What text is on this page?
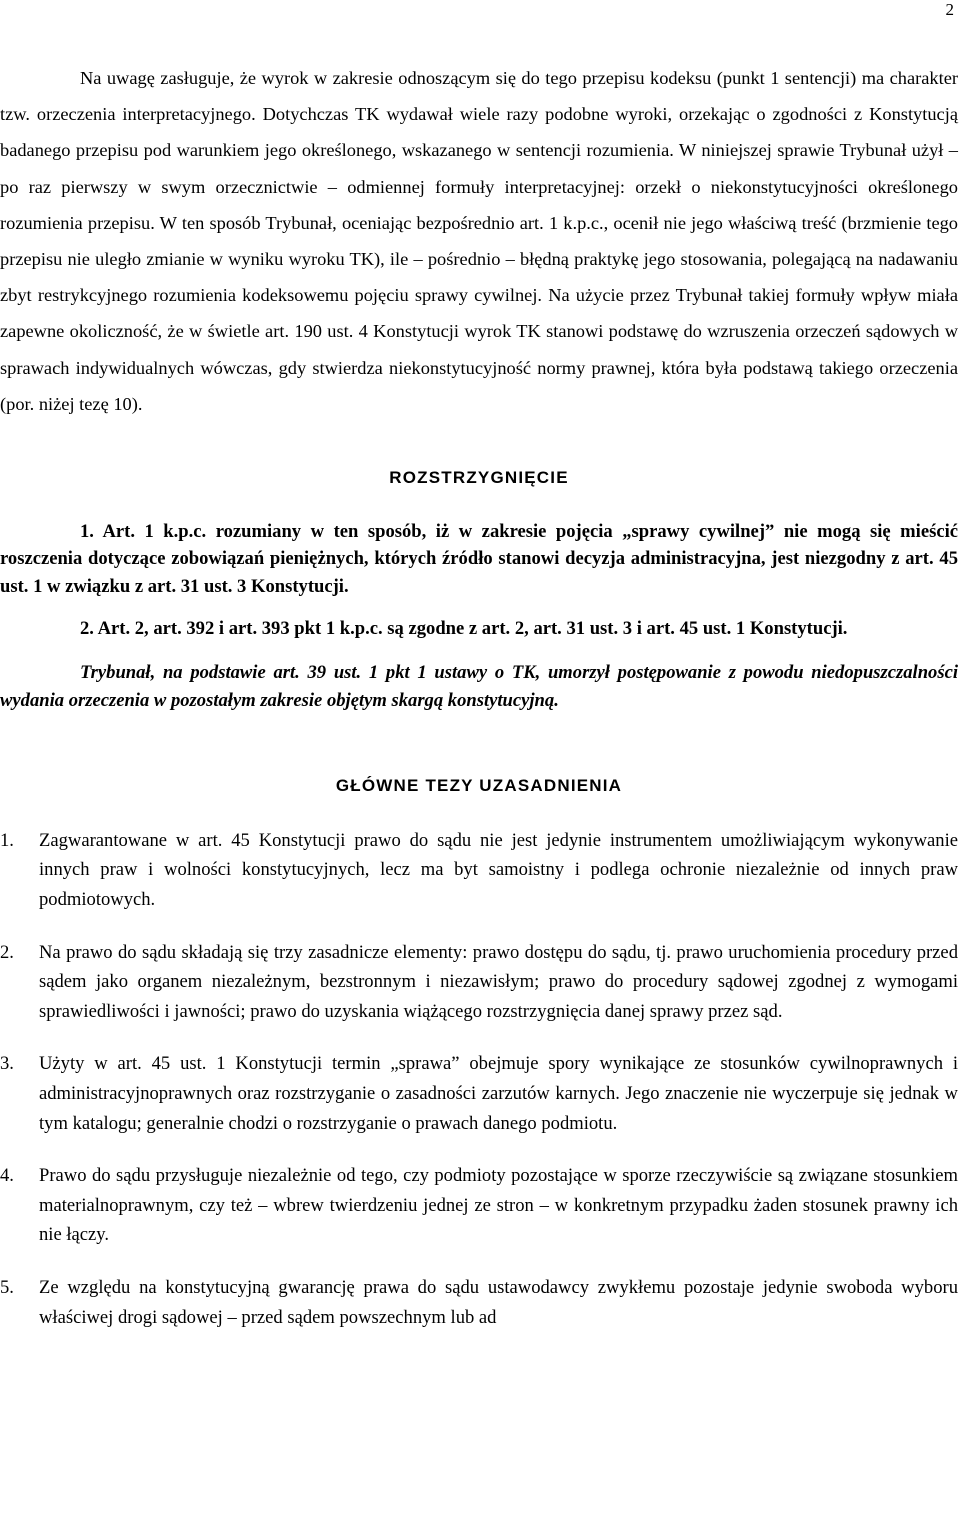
2

Na uwagę zasługuje, że wyrok w zakresie odnoszącym się do tego przepisu kodeksu (punkt 1 sentencji) ma charakter tzw. orzeczenia interpretacyjnego. Dotychczas TK wydawał wiele razy podobne wyroki, orzekając o zgodności z Konstytucją badanego przepisu pod warunkiem jego określonego, wskazanego w sentencji rozumienia. W niniejszej sprawie Trybunał użył – po raz pierwszy w swym orzecznictwie – odmiennej formuły interpretacyjnej: orzekł o niekonstytucyjności określonego rozumienia przepisu. W ten sposób Trybunał, oceniając bezpośrednio art. 1 k.p.c., ocenił nie jego właściwą treść (brzmienie tego przepisu nie uległo zmianie w wyniku wyroku TK), ile – pośrednio – błędną praktykę jego stosowania, polegającą na nadawaniu zbyt restrykcyjnego rozumienia kodeksowemu pojęciu sprawy cywilnej. Na użycie przez Trybunał takiej formuły wpływ miała zapewne okoliczność, że w świetle art. 190 ust. 4 Konstytucji wyrok TK stanowi podstawę do wzruszenia orzeczeń sądowych w sprawach indywidualnych wówczas, gdy stwierdza niekonstytucyjność normy prawnej, która była podstawą takiego orzeczenia (por. niżej tezę 10).

ROZSTRZYGNIĘCIE

1. Art. 1 k.p.c. rozumiany w ten sposób, iż w zakresie pojęcia „sprawy cywilnej” nie mogą się mieścić roszczenia dotyczące zobowiązań pieniężnych, których źródło stanowi decyzja administracyjna, jest niezgodny z art. 45 ust. 1 w związku z art. 31 ust. 3 Konstytucji.

2. Art. 2, art. 392 i art. 393 pkt 1 k.p.c. są zgodne z art. 2, art. 31 ust. 3 i art. 45 ust. 1 Konstytucji.

Trybunał, na podstawie art. 39 ust. 1 pkt 1 ustawy o TK, umorzył postępowanie z powodu niedopuszczalności wydania orzeczenia w pozostałym zakresie objętym skargą konstytucyjną.

GŁÓWNE TEZY UZASADNIENIA
1.	Zagwarantowane w art. 45 Konstytucji prawo do sądu nie jest jedynie instrumentem umożliwiającym wykonywanie innych praw i wolności konstytucyjnych, lecz ma byt samoistny i podlega ochronie niezależnie od innych praw podmiotowych.
2.	Na prawo do sądu składają się trzy zasadnicze elementy: prawo dostępu do sądu, tj. prawo uruchomienia procedury przed sądem jako organem niezależnym, bezstronnym i niezawisłym; prawo do procedury sądowej zgodnej z wymogami sprawiedliwości i jawności; prawo do uzyskania wiążącego rozstrzygnięcia danej sprawy przez sąd.
3.	Użyty w art. 45 ust. 1 Konstytucji termin „sprawa” obejmuje spory wynikające ze stosunków cywilnoprawnych i administracyjnoprawnych oraz rozstrzyganie o zasadności zarzutów karnych. Jego znaczenie nie wyczerpuje się jednak w tym katalogu; generalnie chodzi o rozstrzyganie o prawach danego podmiotu.
4.	Prawo do sądu przysługuje niezależnie od tego, czy podmioty pozostające w sporze rzeczywiście są związane stosunkiem materialnoprawnym, czy też – wbrew twierdzeniu jednej ze stron – w konkretnym przypadku żaden stosunek prawny ich nie łączy.
5.	Ze względu na konstytucyjną gwarancję prawa do sądu ustawodawcy zwykłemu pozostaje jedynie swoboda wyboru właściwej drogi sądowej – przed sądem powszechnym lub ad
